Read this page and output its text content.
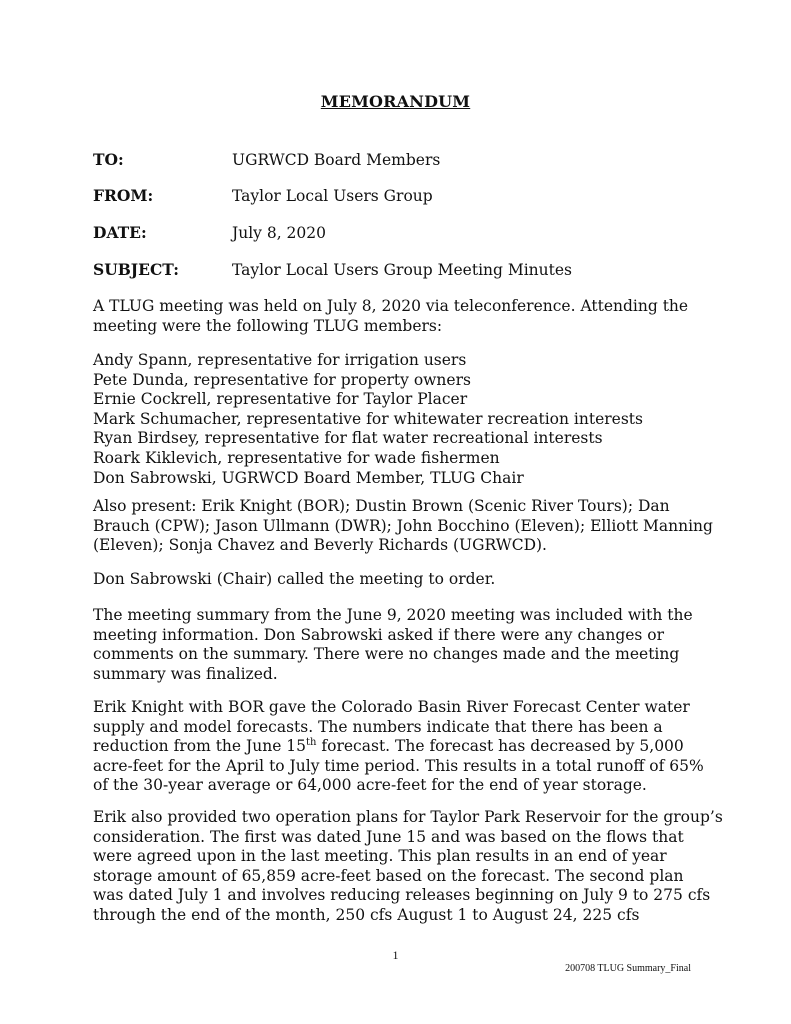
MEMORANDUM
TO:	UGRWCD Board Members
FROM:	Taylor Local Users Group
DATE:	July 8, 2020
SUBJECT:	Taylor Local Users Group Meeting Minutes

A TLUG meeting was held on July 8, 2020 via teleconference. Attending the
meeting were the following TLUG members:

Andy Spann, representative for irrigation users
Pete Dunda, representative for property owners
Ernie Cockrell, representative for Taylor Placer
Mark Schumacher, representative for whitewater recreation interests
Ryan Birdsey, representative for flat water recreational interests
Roark Kiklevich, representative for wade fishermen
Don Sabrowski, UGRWCD Board Member, TLUG Chair

Also present: Erik Knight (BOR); Dustin Brown (Scenic River Tours); Dan
Brauch (CPW); Jason Ullmann (DWR); John Bocchino (Eleven); Elliott Manning
(Eleven); Sonja Chavez and Beverly Richards (UGRWCD).

Don Sabrowski (Chair) called the meeting to order.

The meeting summary from the June 9, 2020 meeting was included with the
meeting information. Don Sabrowski asked if there were any changes or
comments on the summary. There were no changes made and the meeting
summary was finalized.

Erik Knight with BOR gave the Colorado Basin River Forecast Center water
supply and model forecasts. The numbers indicate that there has been a
reduction from the June 15th forecast. The forecast has decreased by 5,000
acre-feet for the April to July time period. This results in a total runoff of 65%
of the 30-year average or 64,000 acre-feet for the end of year storage.

Erik also provided two operation plans for Taylor Park Reservoir for the group’s
consideration. The first was dated June 15 and was based on the flows that
were agreed upon in the last meeting. This plan results in an end of year
storage amount of 65,859 acre-feet based on the forecast. The second plan
was dated July 1 and involves reducing releases beginning on July 9 to 275 cfs
through the end of the month, 250 cfs August 1 to August 24, 225 cfs

1
200708 TLUG Summary_Final
